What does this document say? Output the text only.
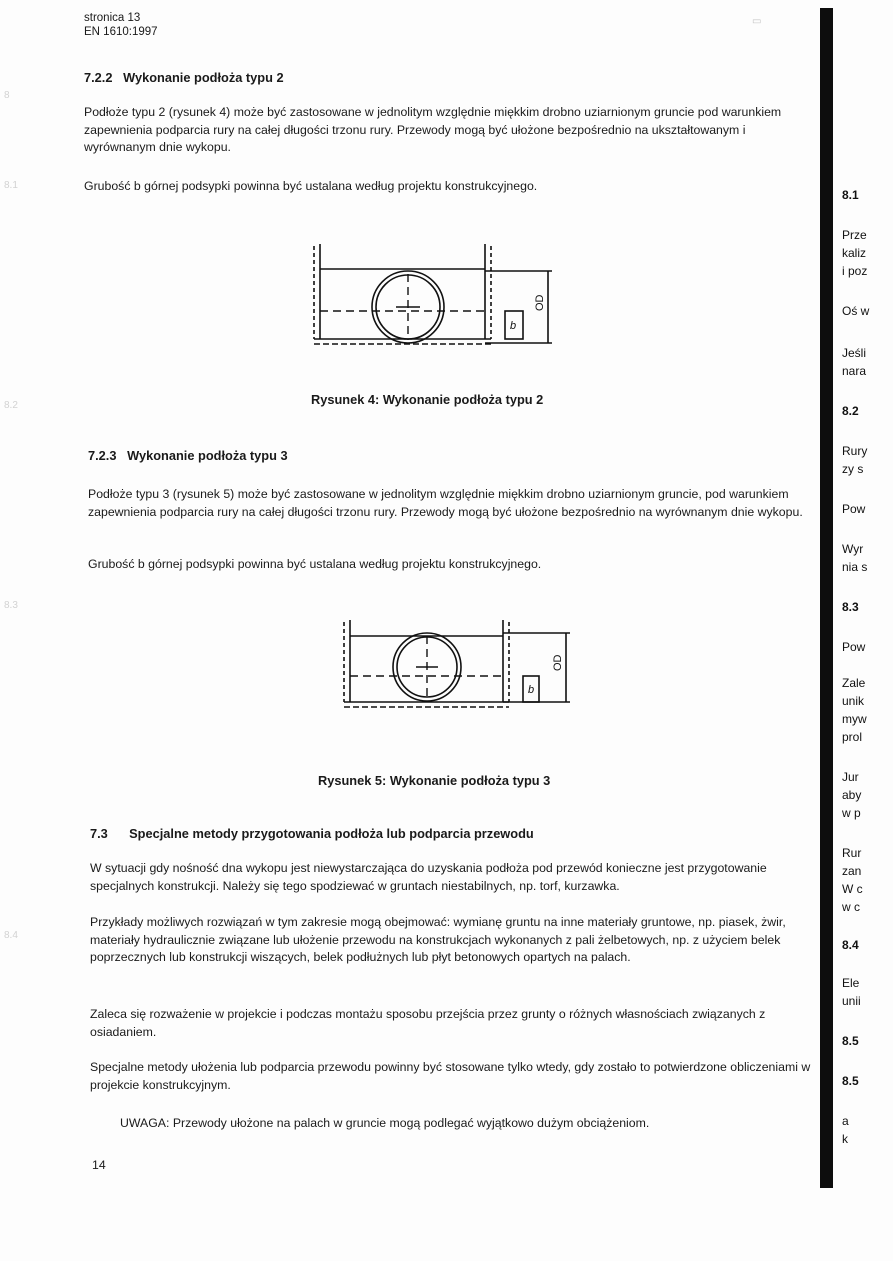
stronica 13
EN 1610:1997
▭
7.2.2 Wykonanie podłoża typu 2
Podłoże typu 2 (rysunek 4) może być zastosowane w jednolitym względnie miękkim drobno uziarnionym gruncie pod warunkiem zapewnienia podparcia rury na całej długości trzonu rury. Przewody mogą być ułożone bezpośrednio na ukształtowanym i wyrównanym dnie wykopu.
Grubość b górnej podsypki powinna być ustalana według projektu konstrukcyjnego.
OD
b
Rysunek 4: Wykonanie podłoża typu 2
7.2.3 Wykonanie podłoża typu 3
Podłoże typu 3 (rysunek 5) może być zastosowane w jednolitym względnie miękkim drobno uziarnionym gruncie, pod warunkiem zapewnienia podparcia rury na całej długości trzonu rury. Przewody mogą być ułożone bezpośrednio na wyrównanym dnie wykopu.
Grubość b górnej podsypki powinna być ustalana według projektu konstrukcyjnego.
OD
b
Rysunek 5: Wykonanie podłoża typu 3
7.3 Specjalne metody przygotowania podłoża lub podparcia przewodu
W sytuacji gdy nośność dna wykopu jest niewystarczająca do uzyskania podłoża pod przewód konieczne jest przygotowanie specjalnych konstrukcji. Należy się tego spodziewać w gruntach niestabilnych, np. torf, kurzawka.
Przykłady możliwych rozwiązań w tym zakresie mogą obejmować: wymianę gruntu na inne materiały gruntowe, np. piasek, żwir, materiały hydraulicznie związane lub ułożenie przewodu na konstrukcjach wykonanych z pali żelbetowych, np. z użyciem belek poprzecznych lub konstrukcji wiszących, belek podłużnych lub płyt betonowych opartych na palach.
Zaleca się rozważenie w projekcie i podczas montażu sposobu przejścia przez grunty o różnych własnościach związanych z osiadaniem.
Specjalne metody ułożenia lub podparcia przewodu powinny być stosowane tylko wtedy, gdy zostało to potwierdzone obliczeniami w projekcie konstrukcyjnym.
UWAGA: Przewody ułożone na palach w gruncie mogą podlegać wyjątkowo dużym obciążeniom.
14
8.1
Prze
kaliz
i poz
Oś w
Jeśli
nara
8.2
Rury
zy s
Pow
Wyr
nia s
8.3
Pow
Zale
unik
myw
prol
Jur
aby
w p
Rur
zan
W c
w c
8.4
Ele
unii
8.5
8.5
a
k
8
8.1
8.2
8.3
8.4
